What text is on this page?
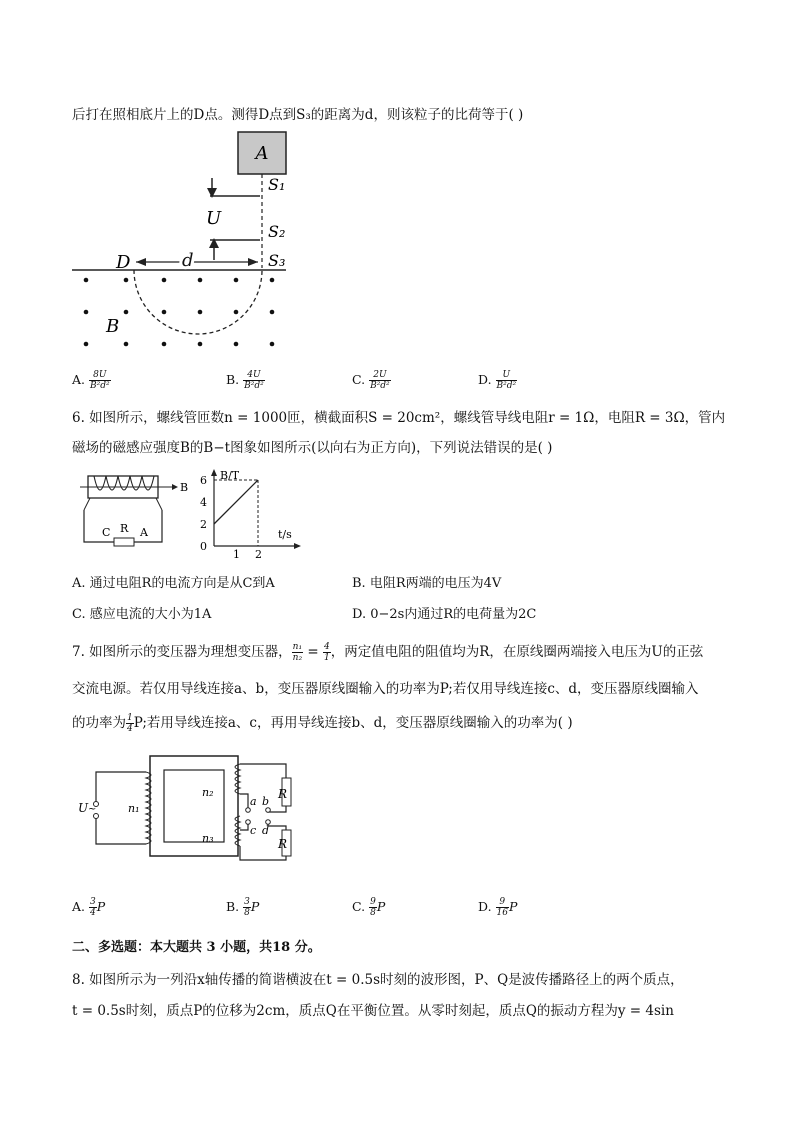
后打在照相底片上的D点。测得D点到S₃的距离为d，则该粒子的比荷等于( )
A
S₁
S₂
S₃
U
D	d
B
A. $\frac{8U}{\text{B²d²}}$	B. $\frac{4U}{\text{B²d²}}$	C. $\frac{2U}{\text{B²d²}}$	D. $\frac{U}{\text{B²d²}}$
6. 如图所示，螺线管匝数n = 1000匝，横截面积S = 20cm²，螺线管导线电阻r = 1Ω，电阻R = 3Ω，管内
磁场的磁感应强度B的B−t图象如图所示(以向右为正方向)，下列说法错误的是( )
B
C R A
B/T
t/s
6
4
2
0
1 2
A. 通过电阻R的电流方向是从C到A	B. 电阻R两端的电压为4V
C. 感应电流的大小为1A	D. 0−2s内通过R的电荷量为2C
7. 如图所示的变压器为理想变压器， $\frac{\text{n₁}}{\text{n₂}} = \frac{4}{1}$ ，两定值电阻的阻值均为R，在原线圈两端接入电压为U的正弦
交流电源。若仅用导线连接a、b，变压器原线圈输入的功率为P;若仅用导线连接c、d，变压器原线圈输入
的功率为 $\frac{1}{4} P$;若用导线连接a、c，再用导线连接b、d，变压器原线圈输入的功率为( )
U ~	n₁
n₂
n₃
R
a b
c d
R
A. $\frac{3}{4}$ P	B. $\frac{3}{8}$ P	C. $\frac{9}{8}$ P	D. $\frac{9}{16}$ P
二、多选题：本大题共 3 小题，共18 分。
8. 如图所示为一列沿x轴传播的简谐横波在t = 0.5s时刻的波形图，P、Q是波传播路径上的两个质点，
t = 0.5s时刻，质点P的位移为2cm，质点Q在平衡位置。从零时刻起，质点Q的振动方程为y = 4sin
